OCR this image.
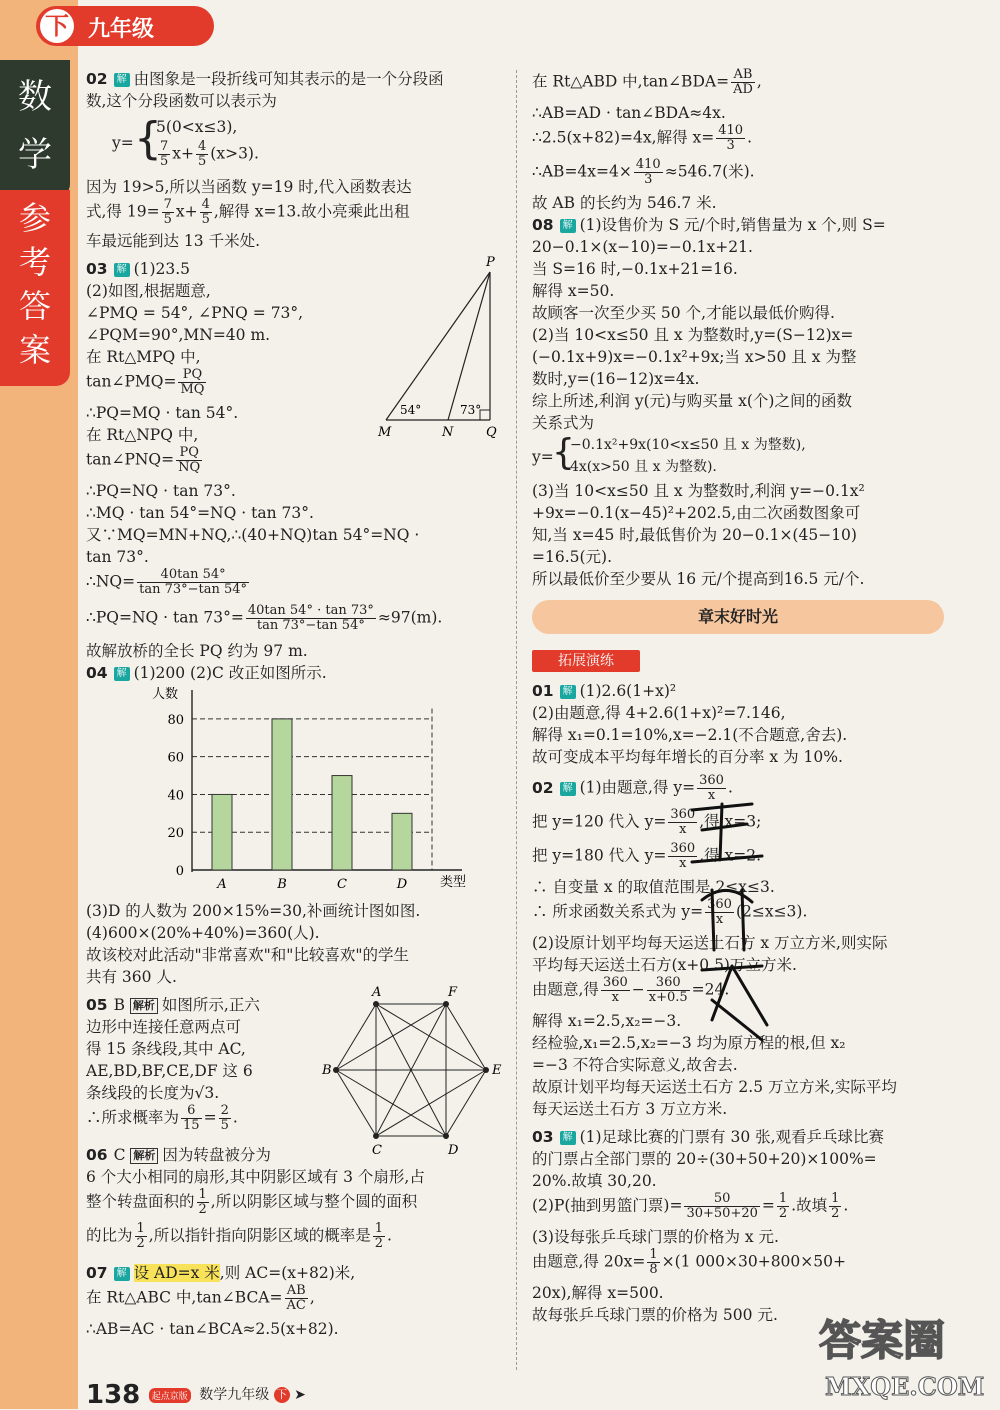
数
学
参
考
答
案
下 九年级
02 解 由图象是一段折线可知其表示的是一个分段函
数,这个分段函数可以表示为
y= {
5(0<x≤3),
$\frac{7}{5} x+ \frac{4}{5} (x>3)$.
因为 19>5,所以当函数 y=19 时,代入函数表达
式,得 $19= \frac{7}{5} x+ \frac{4}{5}$ ,解得 x=13.故小亮乘此出租
车最远能到达 13 千米处.
03 解 (1)23.5
(2)如图,根据题意,
∠PMQ = 54°, ∠PNQ = 73°,
∠PQM=90°,MN=40 m.
在 Rt△MPQ 中,
tan∠PMQ= $\frac{PQ}{MQ}$
∴PQ=MQ · tan 54°.
在 Rt△NPQ 中,
tan∠PNQ= $\frac{PQ}{NQ}$
∴PQ=NQ · tan 73°.
∴MQ · tan 54°=NQ · tan 73°.
又∵MQ=MN+NQ,∴(40+NQ)tan 54°=NQ ·
tan 73°.
∴NQ= $\frac{40\tan 54^\circ}{\tan 73^\circ-\tan 54^\circ}$
∴PQ=NQ · $\tan 73^\circ= \frac{40\tan 54^\circ \cdot \tan 73^\circ}{\tan 73^\circ-\tan 54^\circ} \approx 97(m)$.
故解放桥的全长 PQ 约为 97 m.
P
M	N	Q
54°	73°
04 解 (1)200 (2)C 改正如图所示.
0
20
40
60
80
人数
类型
A	B	C	D
(3)D 的人数为 200×15%=30,补画统计图如图.
(4)600×(20%+40%)=360(人).
故该校对此活动"非常喜欢"和"比较喜欢"的学生
共有 360 人.
05 B 解析 如图所示,正六
边形中连接任意两点可
得 15 条线段,其中 AC,
AE,BD,BF,CE,DF 这 6
条线段的长度为√3.
∴所求概率为 $\frac{6}{15} = \frac{2}{5}$ .
A	F
B	E
C	D
06 C 解析 因为转盘被分为
6 个大小相同的扇形,其中阴影区域有 3 个扇形,占
整个转盘面积的 $\frac{1}{2}$ ,所以阴影区域与整个圆的面积
的比为 $\frac{1}{2}$ ,所以指针指向阴影区域的概率是 $\frac{1}{2}$ .
07 解 设 AD=x 米,则 AC=(x+82)米,
在 Rt△ABC 中,tan∠BCA= $\frac{AB}{AC}$ ,
∴AB=AC · tan∠BCA≈2.5(x+82).
在 Rt△ABD 中,tan∠BDA= $\frac{AB}{AD}$ ,
∴AB=AD · tan∠BDA≈4x.
∴2.5(x+82)=4x,解得 $x= \frac{410}{3}$ .
∴AB=4x=4× $\frac{410}{3} \approx 546.7$(米).
故 AB 的长约为 546.7 米.
08 解 (1)设售价为 S 元/个时,销售量为 x 个,则 S=
20−0.1×(x−10)=−0.1x+21.
当 S=16 时,−0.1x+21=16.
解得 x=50.
故顾客一次至少买 50 个,才能以最低价购得.
(2)当 10<x≤50 且 x 为整数时,y=(S−12)x=
(−0.1x+9)x=−0.1x²+9x;当 x>50 且 x 为整
数时,y=(16−12)x=4x.
综上所述,利润 y(元)与购买量 x(个)之间的函数
关系式为
y=
{
−0.1x²+9x(10<x≤50 且 x 为整数),
4x(x>50 且 x 为整数).
(3)当 10<x≤50 且 x 为整数时,利润 y=−0.1x²
+9x=−0.1(x−45)²+202.5,由二次函数图象可
知,当 x=45 时,最低售价为 20−0.1×(45−10)
=16.5(元).
所以最低价至少要从 16 元/个提高到16.5 元/个.
章末好时光
拓展演练
01 解 (1)2.6(1+x)²
(2)由题意,得 4+2.6(1+x)²=7.146,
解得 x₁=0.1=10%,x=−2.1(不合题意,舍去).
故可变成本平均每年增长的百分率 x 为 10%.
02 解 (1)由题意,得 $y= \frac{360}{x}$ .
把 y=120 代入 $y= \frac{360}{x}$ ,得 x=3;
把 y=180 代入 $y= \frac{360}{x}$ ,得 x=2.
∴ 自变量 x 的取值范围是 2≤x≤3.
∴ 所求函数关系式为 $y= \frac{360}{x} (2\le x\le 3)$.
(2)设原计划平均每天运送土石方 x 万立方米,则实际
平均每天运送土石方(x+0.5)万立方米.
由题意,得 $\frac{360}{x} - \frac{360}{x+0.5} =24$.
解得 x₁=2.5,x₂=−3.
经检验,x₁=2.5,x₂=−3 均为原方程的根,但 x₂
=−3 不符合实际意义,故舍去.
故原计划平均每天运送土石方 2.5 万立方米,实际平均
每天运送土石方 3 万立方米.
03 解 (1)足球比赛的门票有 30 张,观看乒乓球比赛
的门票占全部门票的 20÷(30+50+20)×100%=
20%.故填 30,20.
(2)P(抽到男篮门票)= $\frac{50}{30+50+20} = \frac{1}{2}$ .故填 $\frac{1}{2}$ .
(3)设每张乒乓球门票的价格为 x 元.
由题意,得 $20x= \frac{1}{8} \times(1$ 000×30+800×50+
20x),解得 x=500.
故每张乒乓球门票的价格为 500 元.
答案圈
MXQE.COM
138 起点京版 数学九年级 下 ➤
